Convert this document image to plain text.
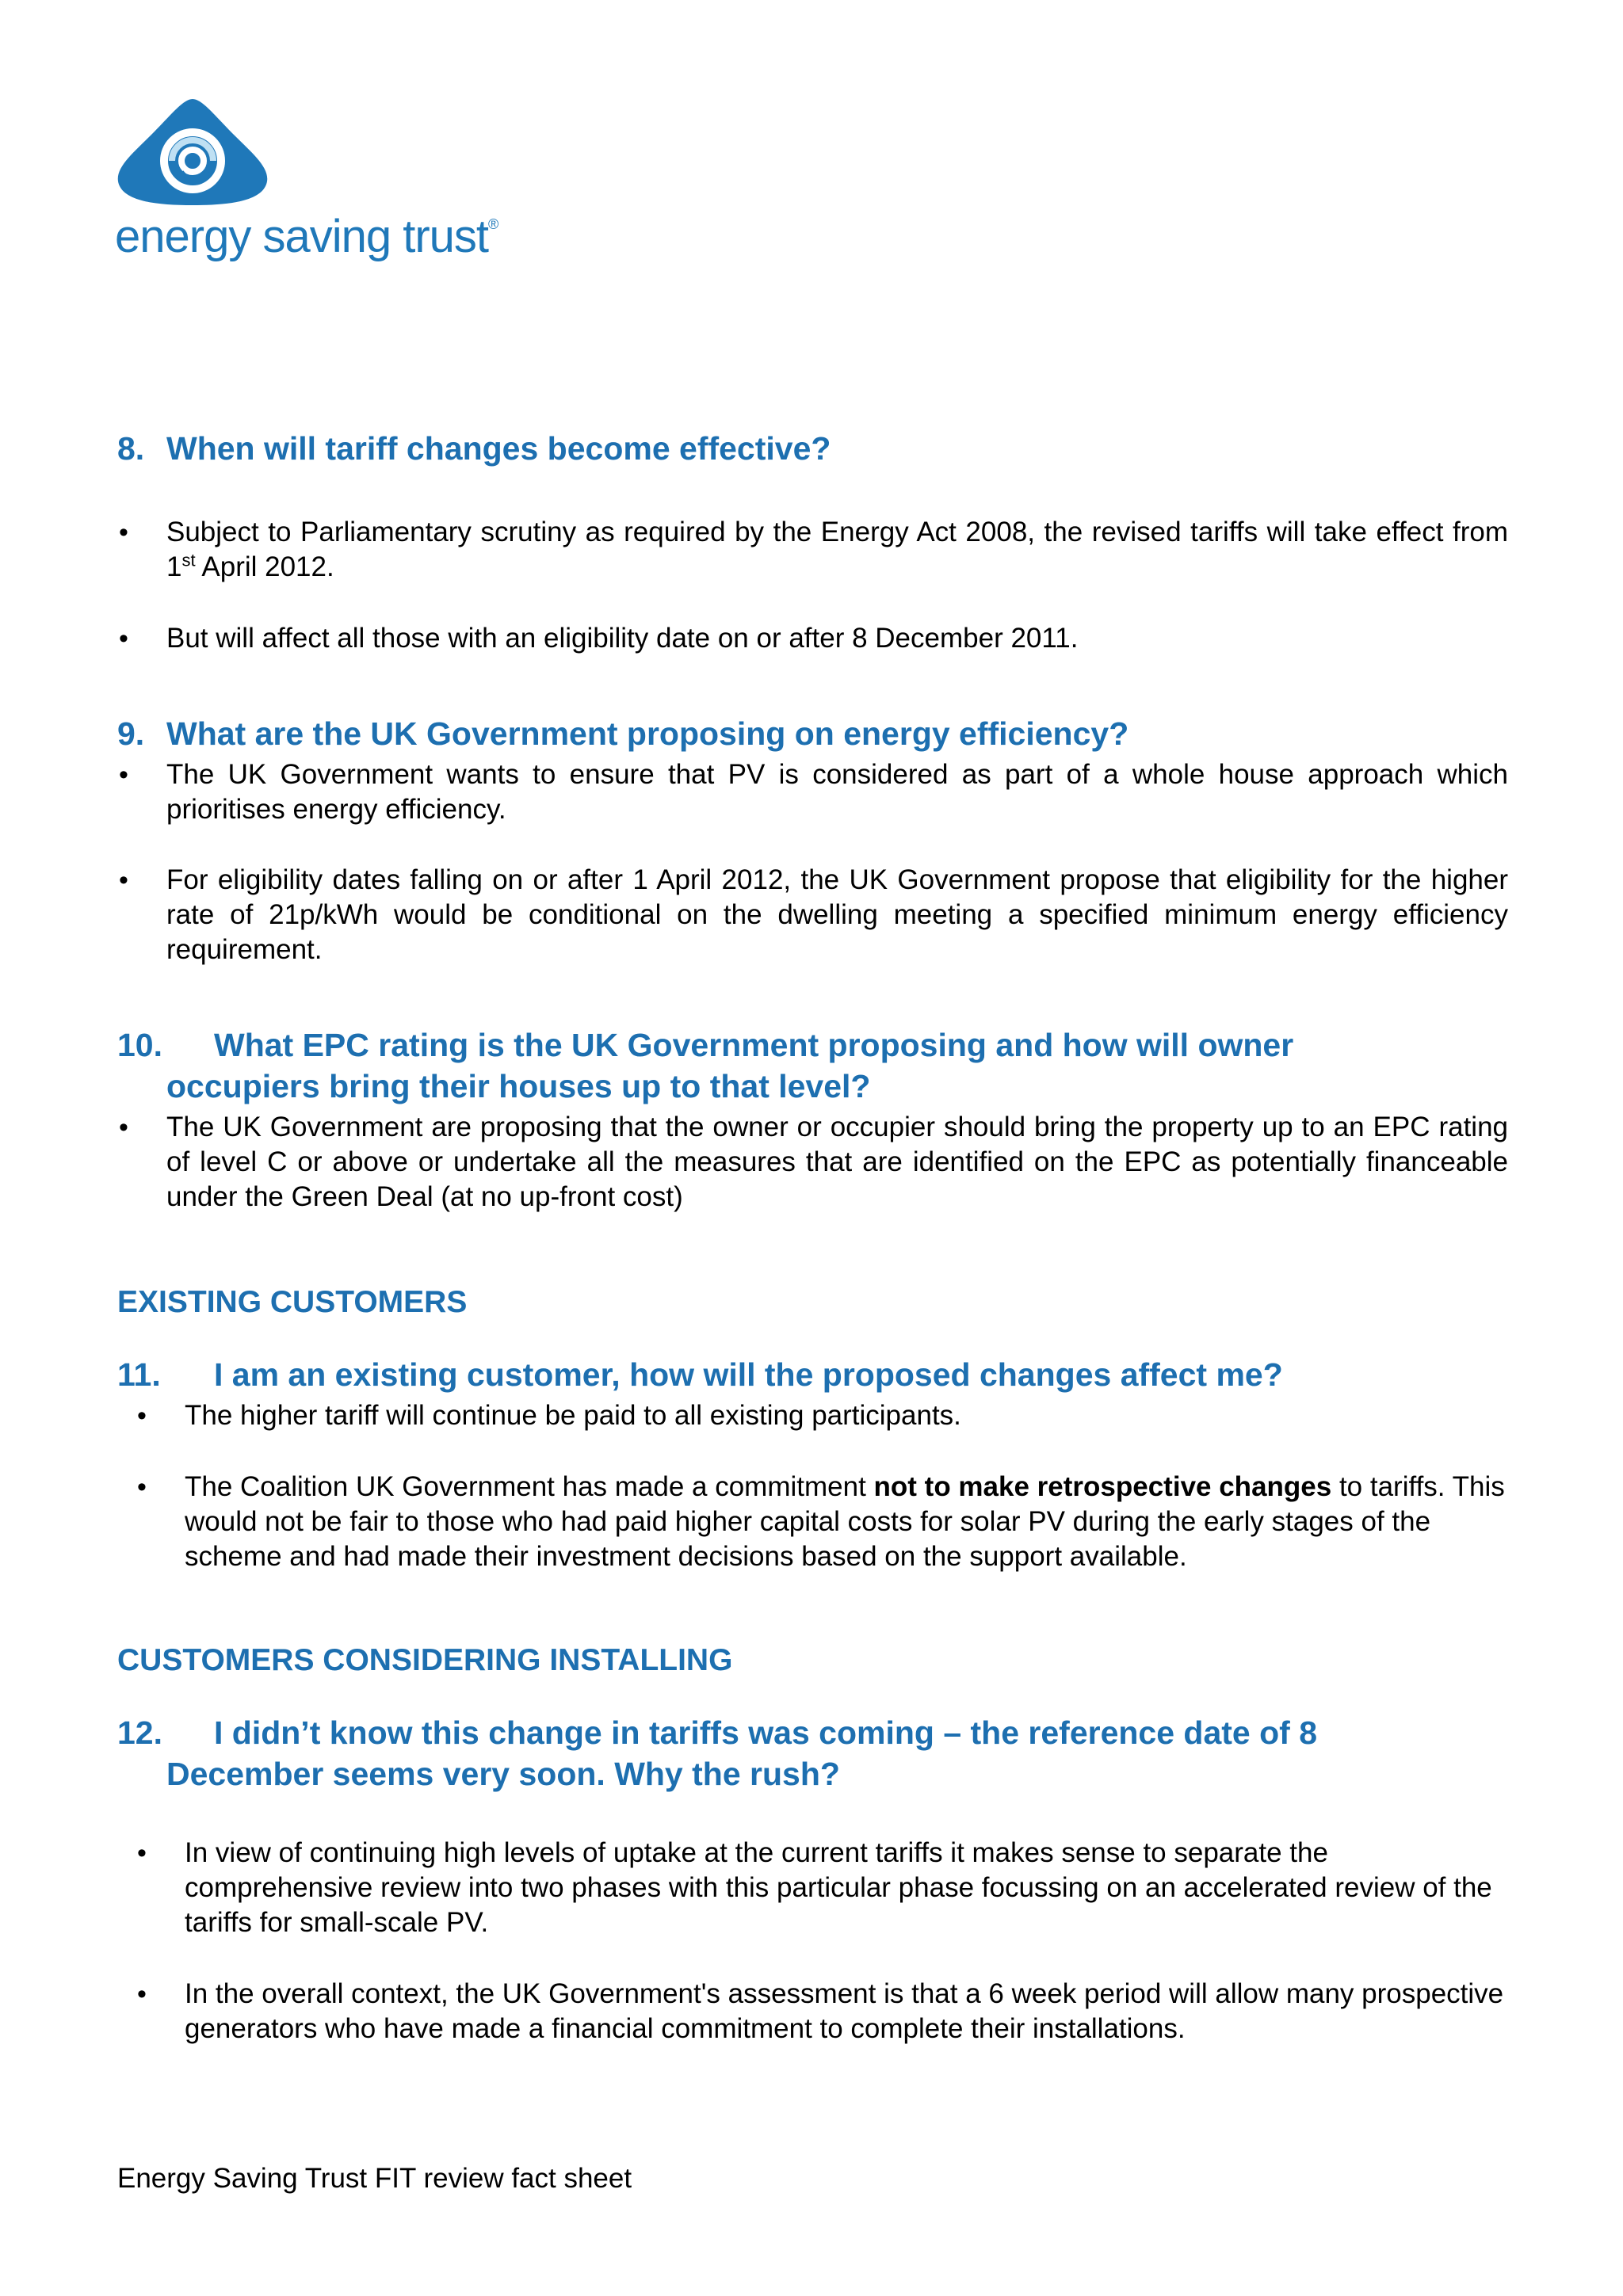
energy saving trust®
8. When will tariff changes become effective?
• Subject to Parliamentary scrutiny as required by the Energy Act 2008, the revised tariffs will take effect from 1st April 2012.
• But will affect all those with an eligibility date on or after 8 December 2011.
9. What are the UK Government proposing on energy efficiency?
• The UK Government wants to ensure that PV is considered as part of a whole house approach which prioritises energy efficiency.
• For eligibility dates falling on or after 1 April 2012, the UK Government propose that eligibility for the higher rate of 21p/kWh would be conditional on the dwelling meeting a specified minimum energy efficiency requirement.
10. What EPC rating is the UK Government proposing and how will owner
occupiers bring their houses up to that level?
• The UK Government are proposing that the owner or occupier should bring the property up to an EPC rating of level C or above or undertake all the measures that are identified on the EPC as potentially financeable under the Green Deal (at no up-front cost)
EXISTING CUSTOMERS
11. I am an existing customer, how will the proposed changes affect me?
• The higher tariff will continue be paid to all existing participants.
• The Coalition UK Government has made a commitment not to make retrospective changes to tariffs. This would not be fair to those who had paid higher capital costs for solar PV during the early stages of the scheme and had made their investment decisions based on the support available.
CUSTOMERS CONSIDERING INSTALLING
12. I didn’t know this change in tariffs was coming – the reference date of 8
December seems very soon. Why the rush?
• In view of continuing high levels of uptake at the current tariffs it makes sense to separate the comprehensive review into two phases with this particular phase focussing on an accelerated review of the tariffs for small-scale PV.
• In the overall context, the UK Government's assessment is that a 6 week period will allow many prospective generators who have made a financial commitment to complete their installations.
Energy Saving Trust FIT review fact sheet
